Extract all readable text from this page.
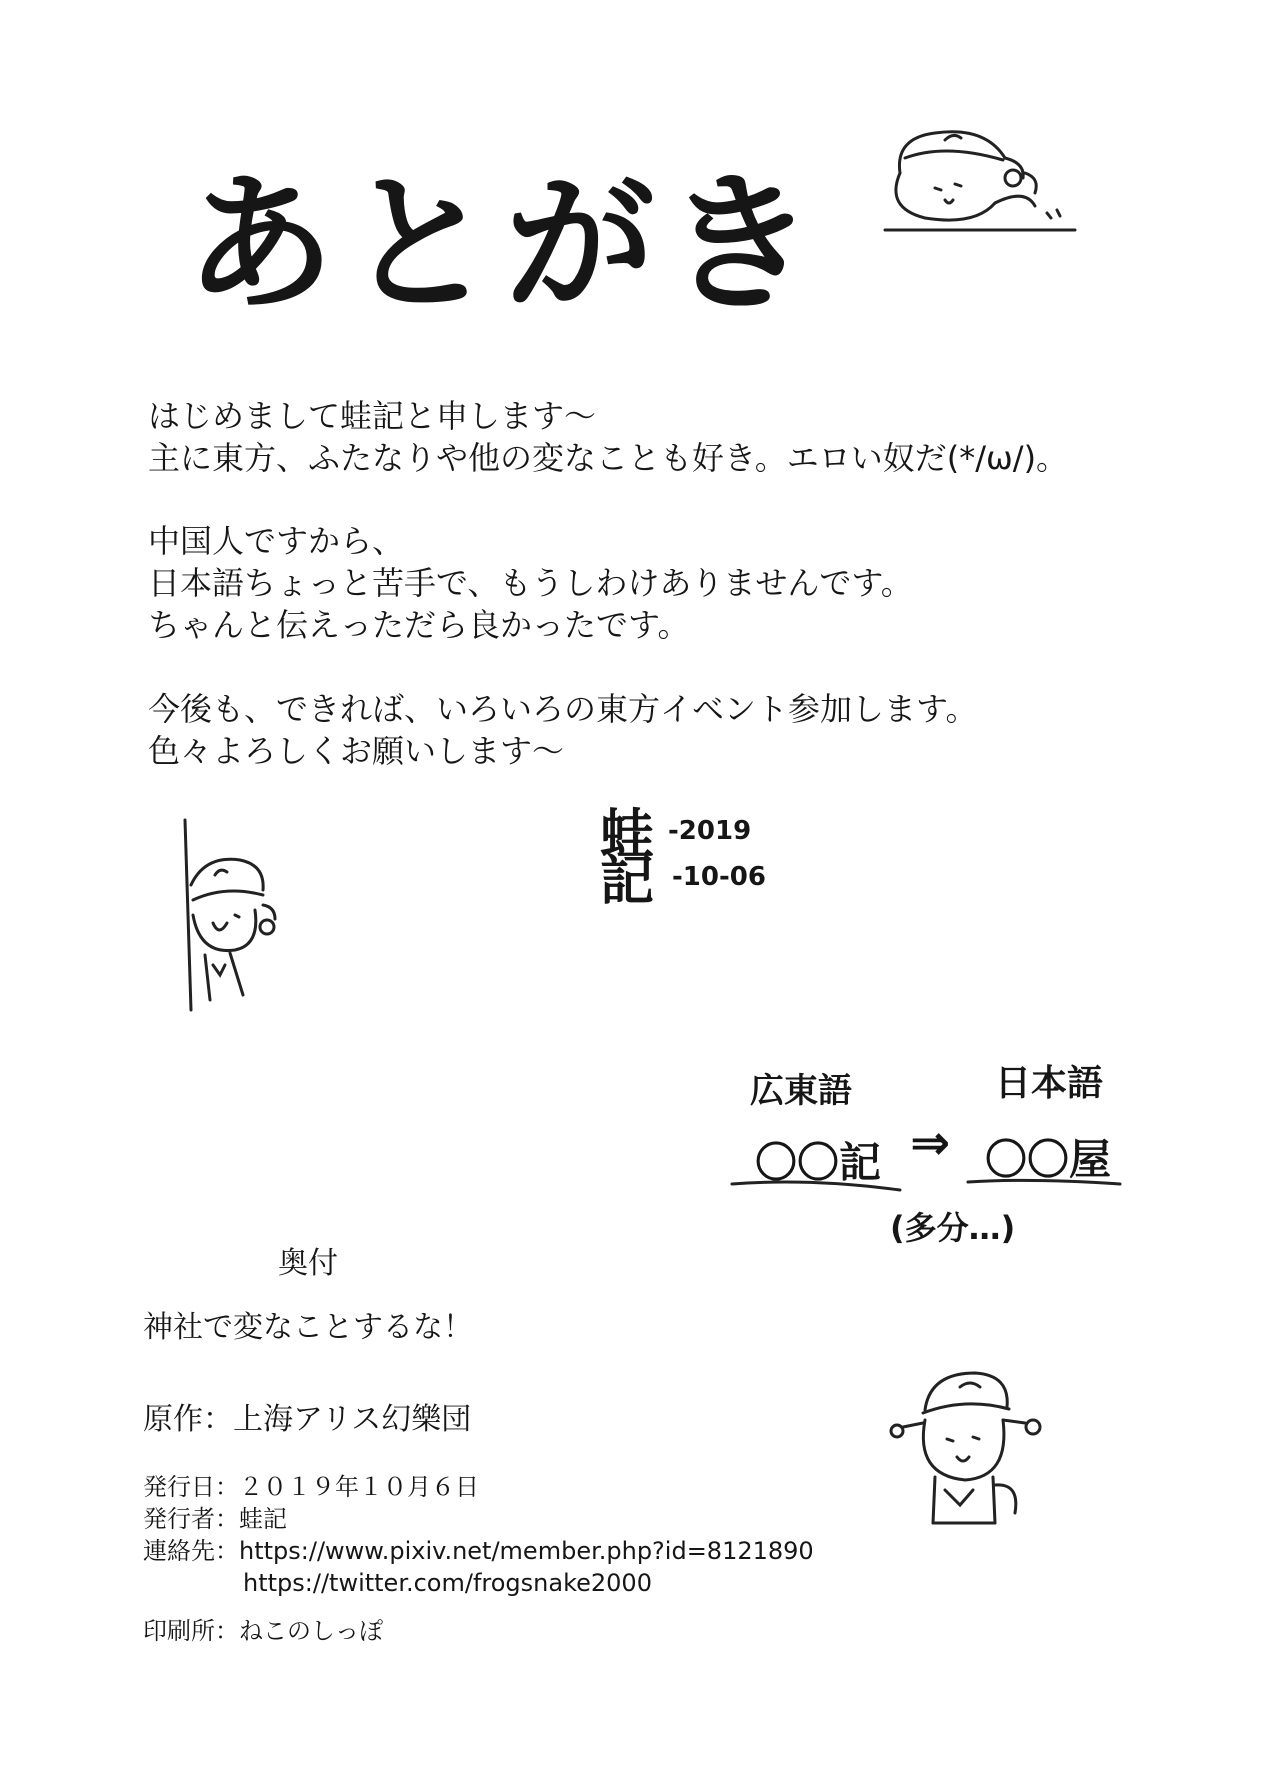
あとがき
はじめまして蛙記と申します～
主に東方、ふたなりや他の変なことも好き。エロい奴だ(*/ω/)。
中国人ですから、
日本語ちょっと苦手で、もうしわけありませんです。
ちゃんと伝えっただら良かったです。
今後も、できれば、いろいろの東方イベント参加します。
色々よろしくお願いします～
蛙
記
-2019
-10-06
広東語	日本語
〇〇記 ⇒ 〇〇屋
(多分…)
奥付
神社で変なことするな！
原作：上海アリス幻樂団
発行日：２０１９年１０月６日
発行者：蛙記
連絡先：https://www.pixiv.net/member.php?id=8121890
https://twitter.com/frogsnake2000
印刷所：ねこのしっぽ
